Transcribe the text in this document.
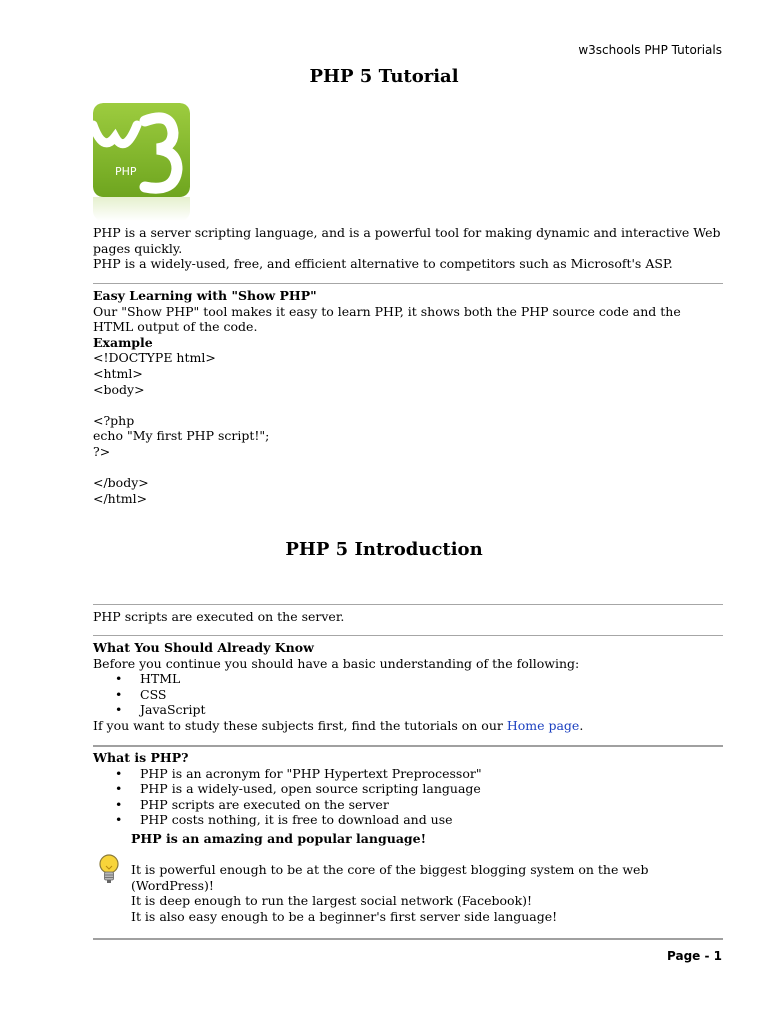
w3schools PHP Tutorials
PHP 5 Tutorial
PHP
PHP is a server scripting language, and is a powerful tool for making dynamic and interactive Web pages quickly.
PHP is a widely-used, free, and efficient alternative to competitors such as Microsoft's ASP.
Easy Learning with "Show PHP"
Our "Show PHP" tool makes it easy to learn PHP, it shows both the PHP source code and the HTML output of the code.
Example
<!DOCTYPE html>
<html>
<body>

<?php
echo "My first PHP script!";
?>

</body>
</html>
PHP 5 Introduction
PHP scripts are executed on the server.
What You Should Already Know
Before you continue you should have a basic understanding of the following:
• HTML
• CSS
• JavaScript
If you want to study these subjects first, find the tutorials on our Home page.
What is PHP?
• PHP is an acronym for "PHP Hypertext Preprocessor"
• PHP is a widely-used, open source scripting language
• PHP scripts are executed on the server
• PHP costs nothing, it is free to download and use
PHP is an amazing and popular language!
It is powerful enough to be at the core of the biggest blogging system on the web (WordPress)!
It is deep enough to run the largest social network (Facebook)!
It is also easy enough to be a beginner's first server side language!
Page - 1
